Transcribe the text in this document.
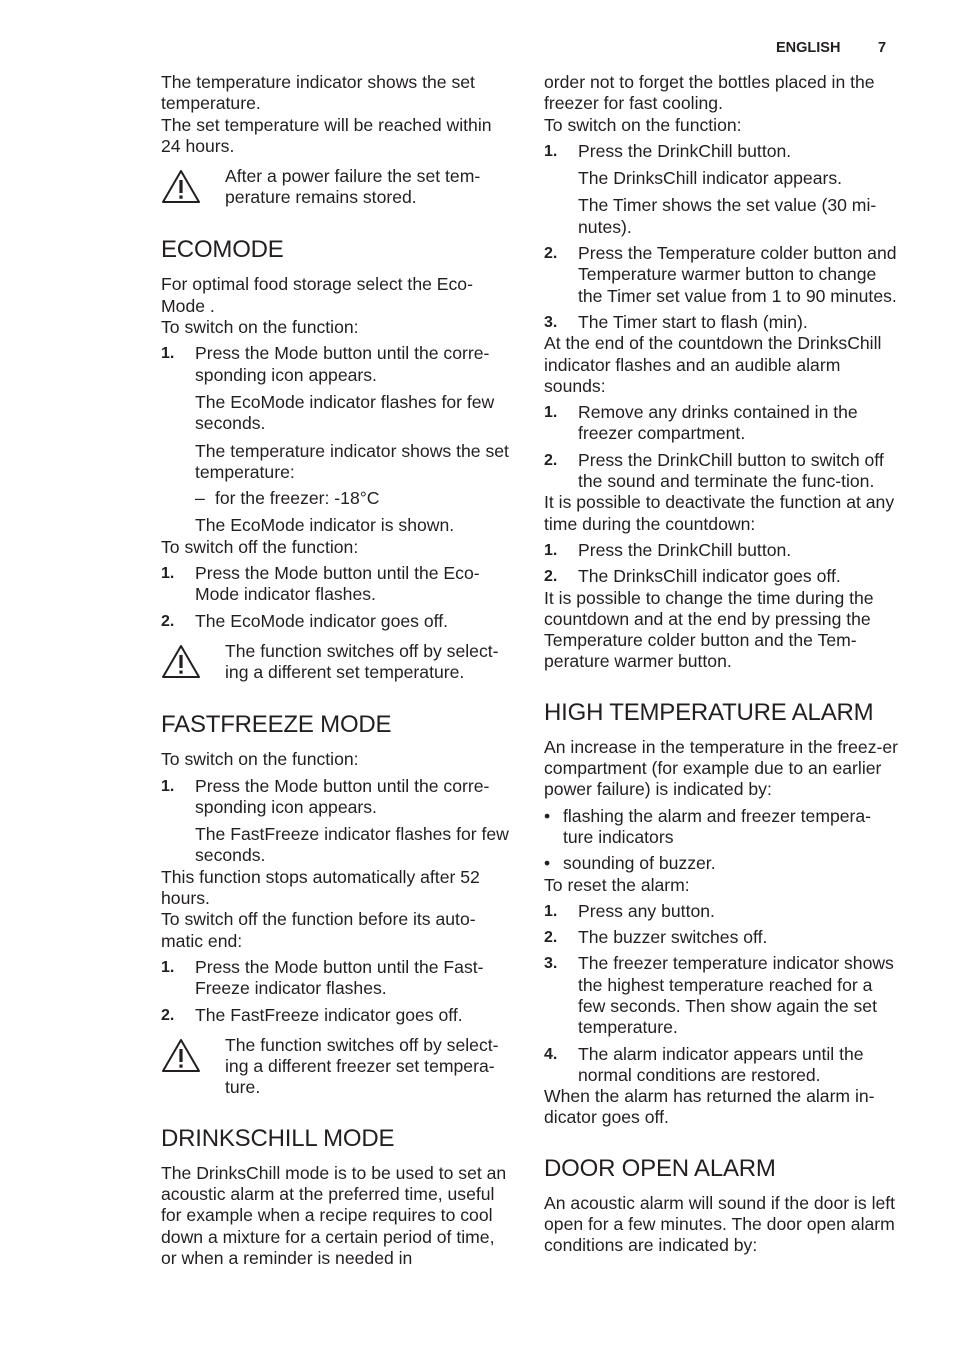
ENGLISH	7

The temperature indicator shows the set temperature.

The set temperature will be reached within 24 hours.

After a power failure the set tem-perature remains stored.
ECOMODE

For optimal food storage select the Eco-Mode .

To switch on the function:

1.	Press the Mode button until the corre-sponding icon appears.
The EcoMode indicator flashes for few seconds.
The temperature indicator shows the set temperature:
– for the freezer: -18°C
The EcoMode indicator is shown.

To switch off the function:

1.	Press the Mode button until the Eco-Mode indicator flashes.
2.	The EcoMode indicator goes off.
The function switches off by select-ing a different set temperature.
FASTFREEZE MODE

To switch on the function:

1.	Press the Mode button until the corre-sponding icon appears.
The FastFreeze indicator flashes for few seconds.

This function stops automatically after 52 hours.

To switch off the function before its auto-matic end:

1.	Press the Mode button until the Fast-Freeze indicator flashes.
2.	The FastFreeze indicator goes off.
The function switches off by select-ing a different freezer set tempera-ture.
DRINKSCHILL MODE

The DrinksChill mode is to be used to set an acoustic alarm at the preferred time, useful for example when a recipe requires to cool down a mixture for a certain period of time, or when a reminder is needed in

order not to forget the bottles placed in the freezer for fast cooling.

To switch on the function:

1.	Press the DrinkChill button.
The DrinksChill indicator appears.
The Timer shows the set value (30 mi-nutes).
2.	Press the Temperature colder button and Temperature warmer button to change the Timer set value from 1 to 90 minutes.
3.	The Timer start to flash (min).

At the end of the countdown the DrinksChill indicator flashes and an audible alarm sounds:

1.	Remove any drinks contained in the freezer compartment.
2.	Press the DrinkChill button to switch off the sound and terminate the func-tion.

It is possible to deactivate the function at any time during the countdown:

1.	Press the DrinkChill button.
2.	The DrinksChill indicator goes off.

It is possible to change the time during the countdown and at the end by pressing the Temperature colder button and the Tem-perature warmer button.

HIGH TEMPERATURE ALARM

An increase in the temperature in the freez-er compartment (for example due to an earlier power failure) is indicated by:

• flashing the alarm and freezer tempera-ture indicators
• sounding of buzzer.

To reset the alarm:

1.	Press any button.
2.	The buzzer switches off.
3.	The freezer temperature indicator shows the highest temperature reached for a few seconds. Then show again the set temperature.
4.	The alarm indicator appears until the normal conditions are restored.

When the alarm has returned the alarm in-dicator goes off.

DOOR OPEN ALARM

An acoustic alarm will sound if the door is left open for a few minutes. The door open alarm conditions are indicated by:
